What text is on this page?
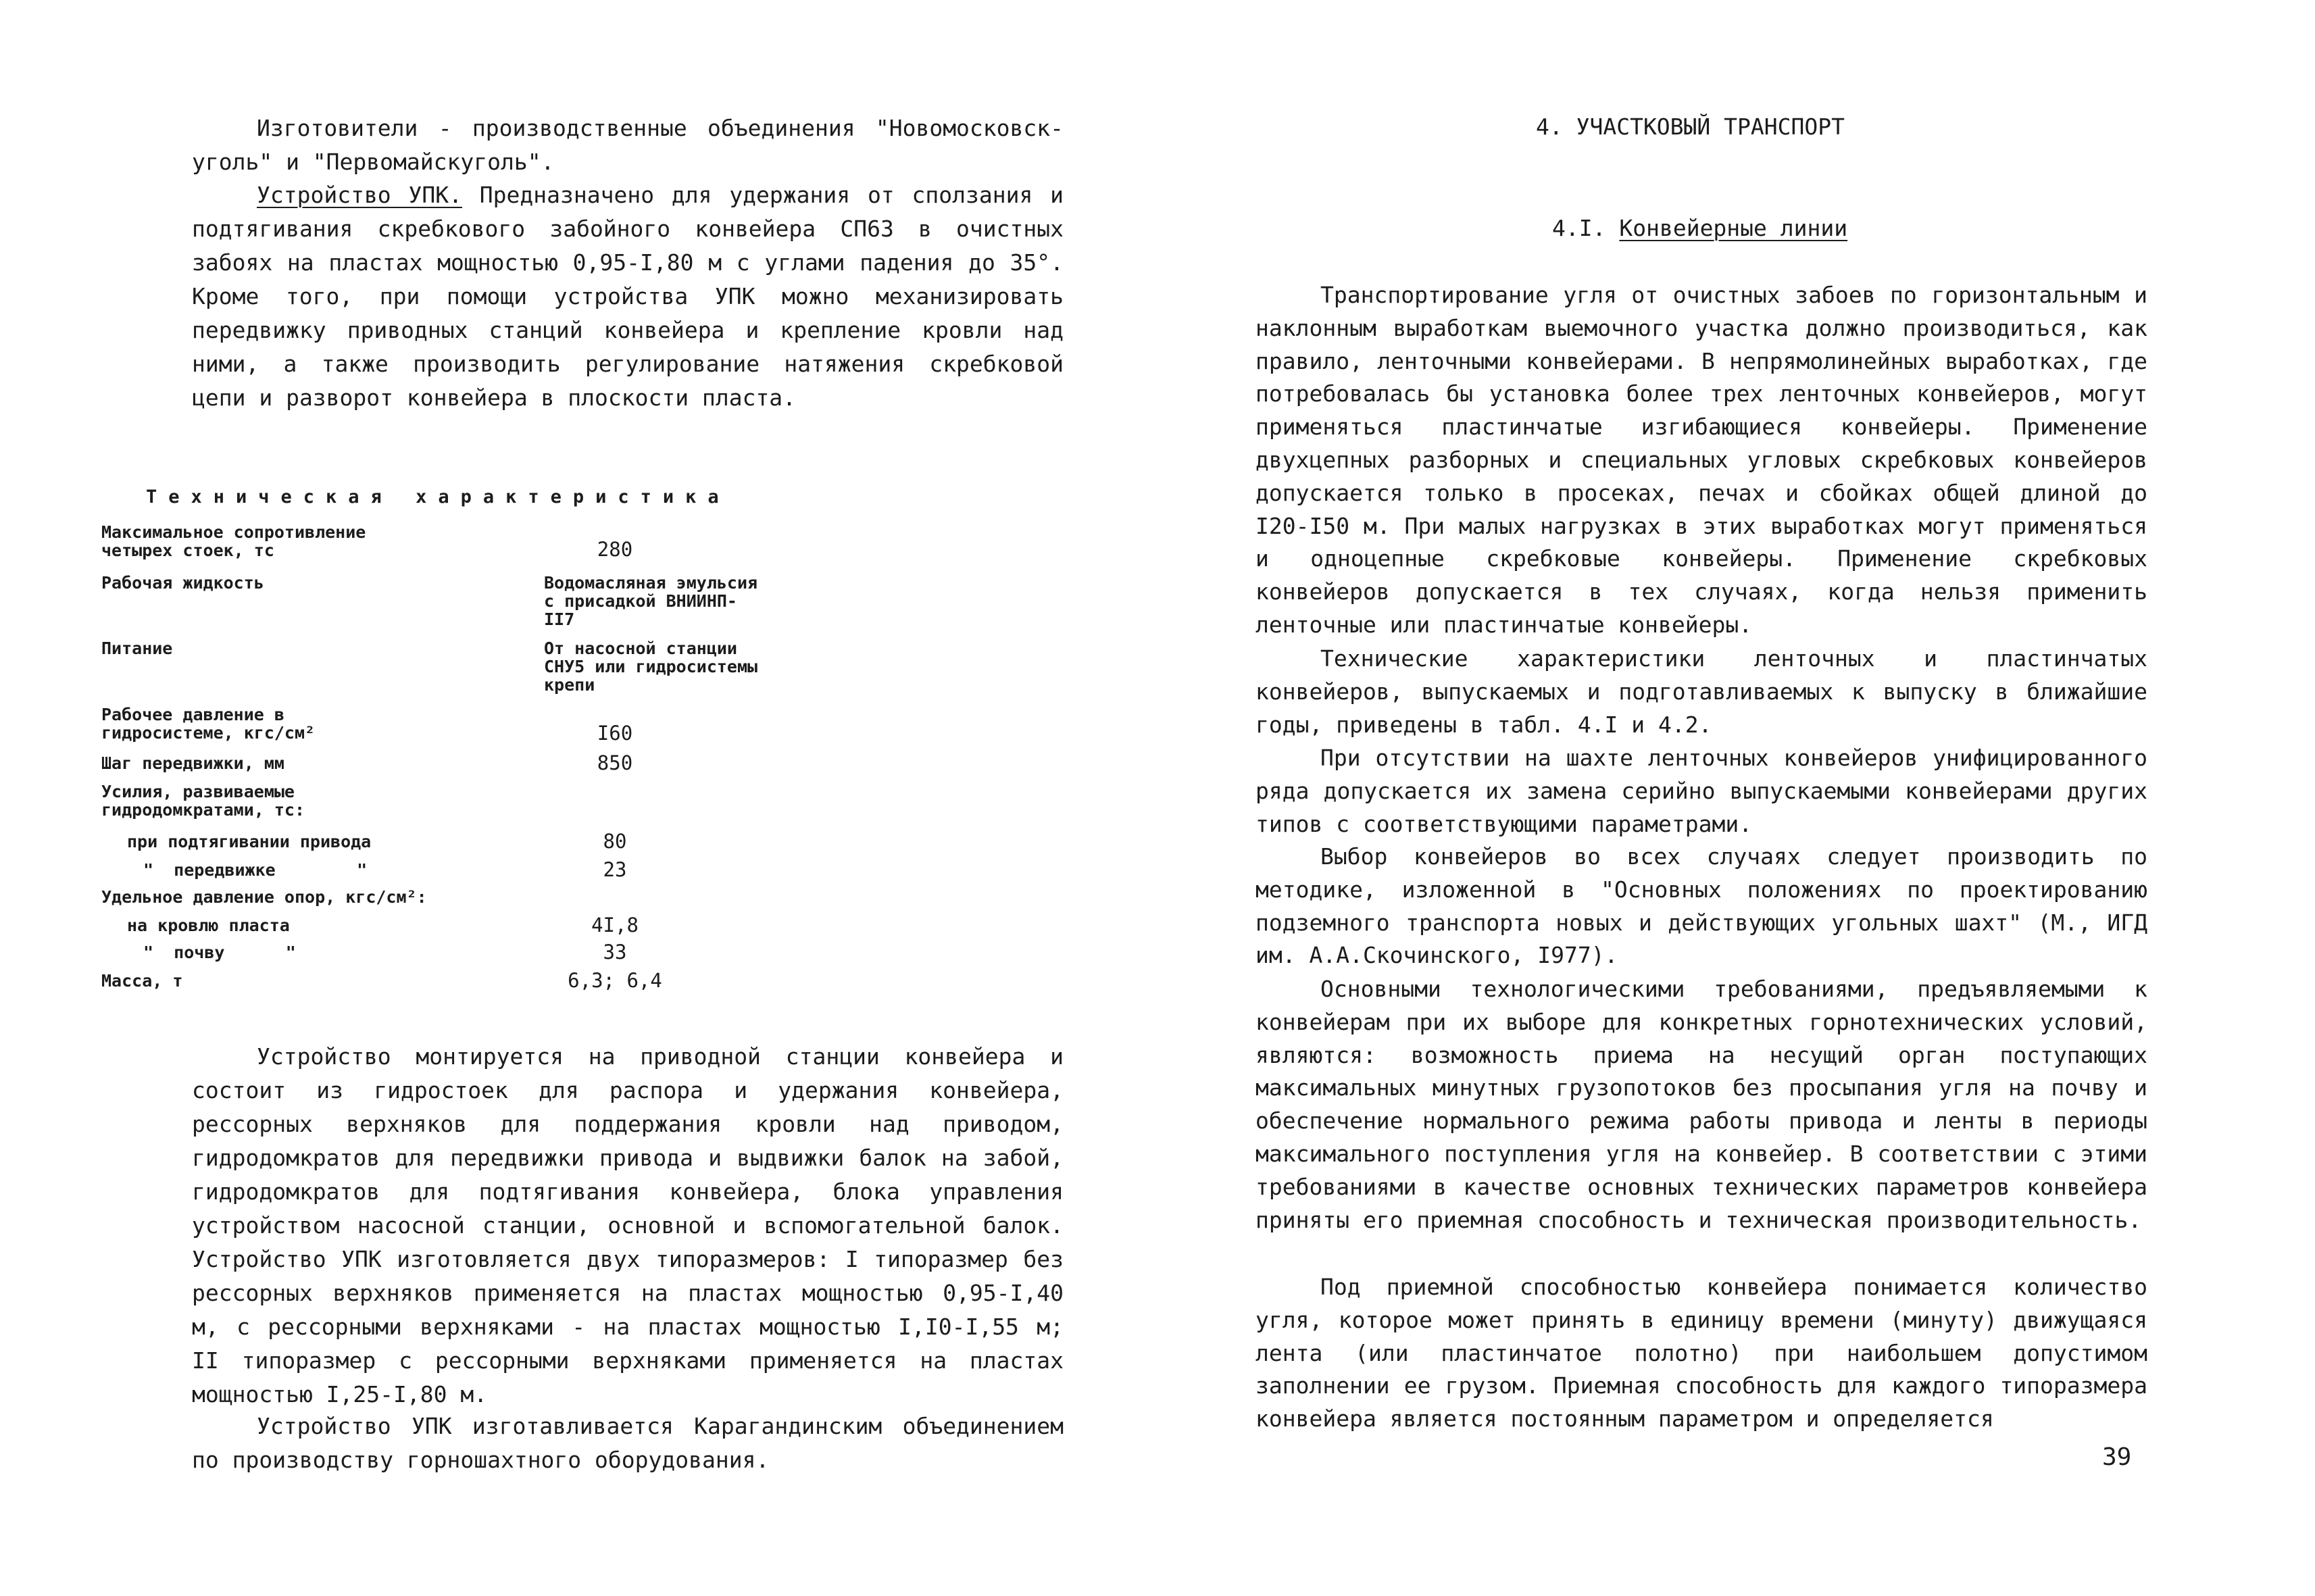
Изготовители - производственные объединения "Новомосковск-уголь" и "Первомайскуголь".

Устройство УПК. Предназначено для удержания от сползания и подтягивания скребкового забойного конвейера СП63 в очистных забоях на пластах мощностью 0,95-I,80 м с углами падения до 35°. Кроме того, при помощи устройства УПК можно механизировать передвижку приводных станций конвейера и крепление кровли над ними, а также производить регулирование натяжения скребковой цепи и разворот конвейера в плоскости пласта.

Техническая характеристика

Максимальное сопротивление четырех стоек, тс	280
Рабочая жидкость	Водомасляная эмульсия с присадкой ВНИИНП-II7
Питание	От насосной станции СНУ5 или гидросистемы крепи
Рабочее давление в гидросистеме, кгс/см²	I60
Шаг передвижки, мм	850
Усилия, развиваемые гидродомкратами, тс:
при подтягивании привода	80
"  передвижке        "	23
Удельное давление опор, кгс/см²:
на кровлю пласта	4I,8
"  почву      "	33
Масса, т	6,3; 6,4

Устройство монтируется на приводной станции конвейера и состоит из гидростоек для распора и удержания конвейера, рессорных верхняков для поддержания кровли над приводом, гидродомкратов для передвижки привода и выдвижки балок на забой, гидродомкратов для подтягивания конвейера, блока управления устройством насосной станции, основной и вспомогательной балок. Устройство УПК изготовляется двух типоразмеров: I типоразмер без рессорных верхняков применяется на пластах мощностью 0,95-I,40 м, с рессорными верхняками - на пластах мощностью I,I0-I,55 м; II типоразмер с рессорными верхняками применяется на пластах мощностью I,25-I,80 м.

Устройство УПК изготавливается Карагандинским объединением по производству горношахтного оборудования.

4. УЧАСТКОВЫЙ ТРАНСПОРТ

4.I. Конвейерные линии

Транспортирование угля от очистных забоев по горизонтальным и наклонным выработкам выемочного участка должно производиться, как правило, ленточными конвейерами. В непрямолинейных выработках, где потребовалась бы установка более трех ленточных конвейеров, могут применяться пластинчатые изгибающиеся конвейеры. Применение двухцепных разборных и специальных угловых скребковых конвейеров допускается только в просеках, печах и сбойках общей длиной до I20-I50 м. При малых нагрузках в этих выработках могут применяться и одноцепные скребковые конвейеры. Применение скребковых конвейеров допускается в тех случаях, когда нельзя применить ленточные или пластинчатые конвейеры.

Технические характеристики ленточных и пластинчатых конвейеров, выпускаемых и подготавливаемых к выпуску в ближайшие годы, приведены в табл. 4.I и 4.2.

При отсутствии на шахте ленточных конвейеров унифицированного ряда допускается их замена серийно выпускаемыми конвейерами других типов с соответствующими параметрами.

Выбор конвейеров во всех случаях следует производить по методике, изложенной в "Основных положениях по проектированию подземного транспорта новых и действующих угольных шахт" (М., ИГД им. А.А.Скочинского, I977).

Основными технологическими требованиями, предъявляемыми к конвейерам при их выборе для конкретных горнотехнических условий, являются: возможность приема на несущий орган поступающих максимальных минутных грузопотоков без просыпания угля на почву и обеспечение нормального режима работы привода и ленты в периоды максимального поступления угля на конвейер. В соответствии с этими требованиями в качестве основных технических параметров конвейера приняты его приемная способность и техническая производительность.

Под приемной способностью конвейера понимается количество угля, которое может принять в единицу времени (минуту) движущаяся лента (или пластинчатое полотно) при наибольшем допустимом заполнении ее грузом. Приемная способность для каждого типоразмера конвейера является постоянным параметром и определяется

39
